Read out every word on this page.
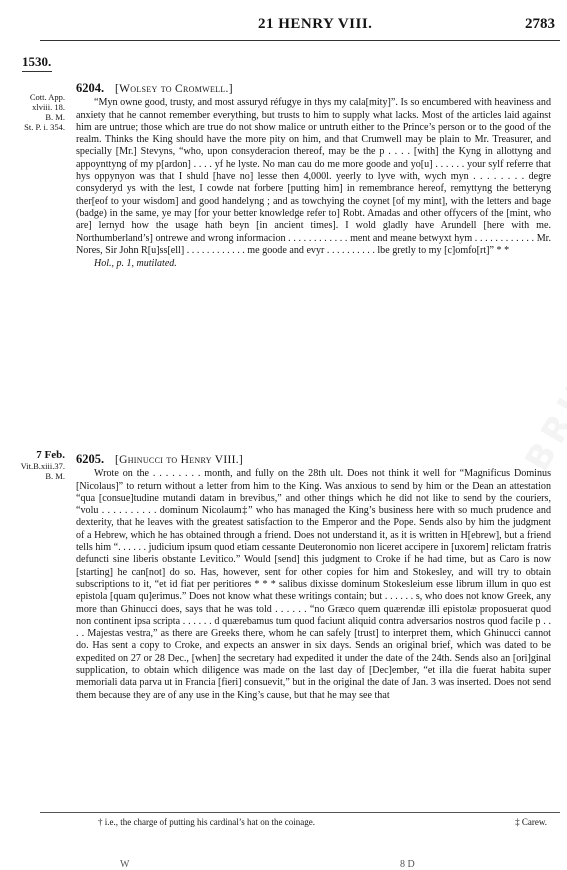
21 HENRY VIII.	2783
1530.
Cott. App.
xlviii. 18.
B. M.
St. P. i. 354.
7 Feb.
Vit.B.xiii.37.
B. M.
6204. [Wolsey to Cromwell.]

“Myn owne good, trusty, and most assuryd réfugye in thys my cala[mity]”. Is so encumbered with heaviness and anxiety that he cannot remember everything, but trusts to him to supply what lacks. Most of the articles laid against him are untrue; those which are true do not show malice or untruth either to the Prince’s person or to the good of the realm. Thinks the King should have the more pity on him, and that Crumwell may be plain to Mr. Treasurer, and specially [Mr.] Stevyns, “who, upon consyderacion thereof, may be the p . . . . [with] the Kyng in allottyng and appoynttyng of my p[ardon] . . . . yf he lyste. No man cau do me more goode and yo[u] . . . . . . your sylf referre that hys oppynyon was that I shuld [have no] lesse then 4,000l. yeerly to lyve with, wych myn . . . . . . . . degre consyderyd ys with the lest, I cowde nat forbere [putting him] in remembrance hereof, remyttyng the betteryng ther[eof to your wisdom] and good handelyng ; and as towchying the coynet [of my mint], with the letters and bage (badge) in the same, ye may [for your better knowledge refer to] Robt. Amadas and other offycers of the [mint, who are] lernyd how the usage hath beyn [in ancient times]. I wold gladly have Arundell [here with me. Northumberland’s] ontrewe and wrong informacion . . . . . . . . . . . . ment and meane betwyxt hym . . . . . . . . . . . . Mr. Nores, Sir John R[u]ss[ell] . . . . . . . . . . . . me goode and evyr . . . . . . . . . . lbe gretly to my [c]omfo[rt]” * *

Hol., p. 1, mutilated.
6205. [Ghinucci to Henry VIII.]

Wrote on the . . . . . . . . month, and fully on the 28th ult. Does not think it well for “Magnificus Dominus [Nicolaus]” to return without a letter from him to the King. Was anxious to send by him or the Dean an attestation “qua [consue]tudine mutandi datam in brevibus,” and other things which he did not like to send by the couriers, “volu . . . . . . . . . . dominum Nicolaum‡” who has managed the King’s business here with so much prudence and dexterity, that he leaves with the greatest satisfaction to the Emperor and the Pope. Sends also by him the judgment of a Hebrew, which he has obtained through a friend. Does not understand it, as it is written in H[ebrew], but a friend tells him “. . . . . . judicium ipsum quod etiam cessante Deuteronomio non liceret accipere in [uxorem] relictam fratris defuncti sine liberis obstante Levitico.” Would [send] this judgment to Croke if he had time, but as Caro is now [starting] he can[not] do so. Has, however, sent for other copies for him and Stokesley, and will try to obtain subscriptions to it, “et id fiat per peritiores * * * salibus dixisse dominum Stokesleium esse librum illum in quo est epistola [quam qu]erimus.” Does not know what these writings contain; but . . . . . . s, who does not know Greek, any more than Ghinucci does, says that he was told . . . . . . “no Græco quem quærendæ illi epistolæ proposuerat quod non continent ipsa scripta . . . . . . d quærebamus tum quod faciunt aliquid contra adversarios nostros quod facile p . . . . Majestas vestra,” as there are Greeks there, whom he can safely [trust] to interpret them, which Ghinucci cannot do. Has sent a copy to Croke, and expects an answer in six days. Sends an original brief, which was dated to be expedited on 27 or 28 Dec., [when] the secretary had expedited it under the date of the 24th. Sends also an [ori]ginal supplication, to obtain which diligence was made on the last day of [Dec]ember, “et illa die fuerat habita super memoriali data parva ut in Francia [fieri] consuevit,” but in the original the date of Jan. 3 was inserted. Does not send them because they are of any use in the King’s cause, but that he may see that

† i.e., the charge of putting his cardinal’s hat on the coinage.	‡ Carew.
W	8 D
